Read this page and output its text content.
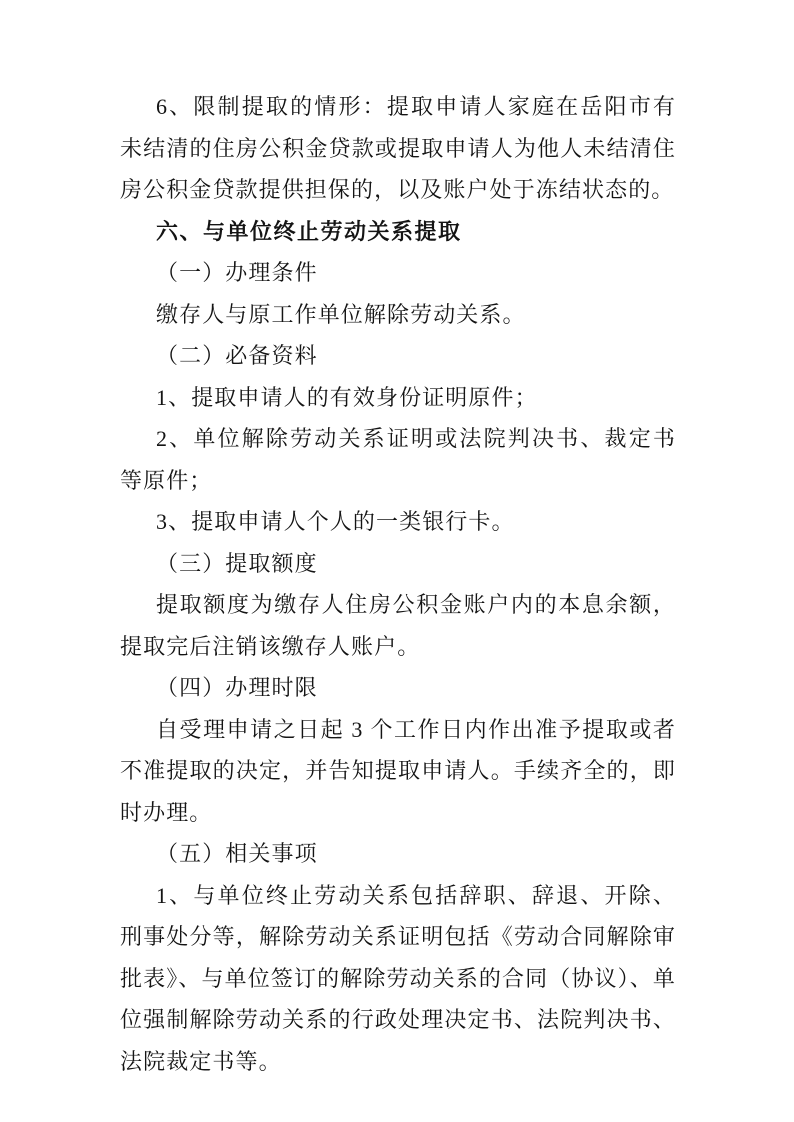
6、限制提取的情形：提取申请人家庭在岳阳市有未结清的住房公积金贷款或提取申请人为他人未结清住房公积金贷款提供担保的，以及账户处于冻结状态的。

六、与单位终止劳动关系提取

（一）办理条件

缴存人与原工作单位解除劳动关系。

（二）必备资料

1、提取申请人的有效身份证明原件；

2、单位解除劳动关系证明或法院判决书、裁定书等原件；

3、提取申请人个人的一类银行卡。

（三）提取额度

提取额度为缴存人住房公积金账户内的本息余额，提取完后注销该缴存人账户。

（四）办理时限

自受理申请之日起 3 个工作日内作出准予提取或者不准提取的决定，并告知提取申请人。手续齐全的，即时办理。

（五）相关事项

1、与单位终止劳动关系包括辞职、辞退、开除、刑事处分等，解除劳动关系证明包括《劳动合同解除审批表》、与单位签订的解除劳动关系的合同（协议）、单位强制解除劳动关系的行政处理决定书、法院判决书、法院裁定书等。
